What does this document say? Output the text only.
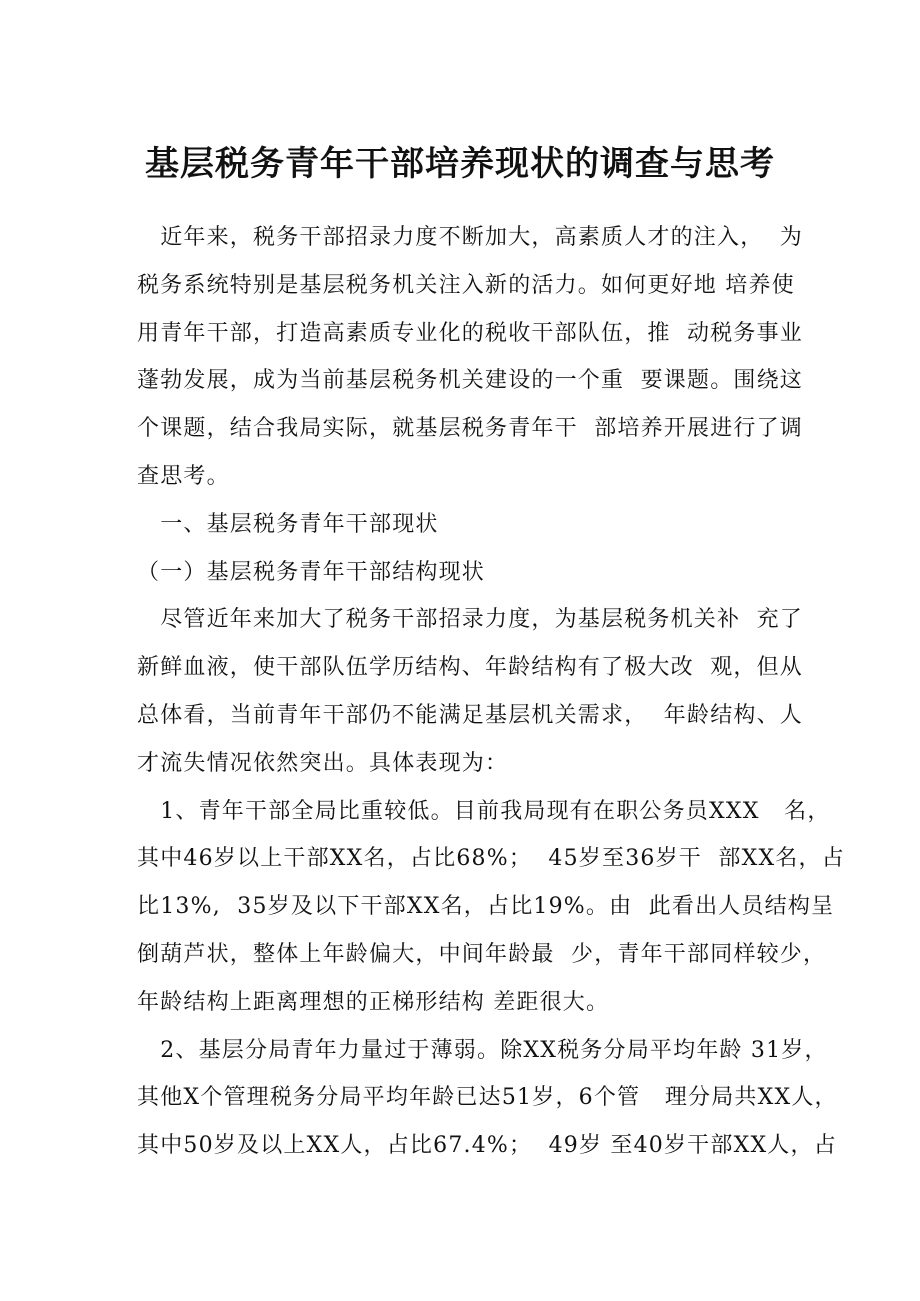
基层税务青年干部培养现状的调查与思考
　近年来，税务干部招录力度不断加大，高素质人才的注入，  为
税务系统特别是基层税务机关注入新的活力。如何更好地 培养使
用青年干部，打造高素质专业化的税收干部队伍，推  动税务事业
蓬勃发展，成为当前基层税务机关建设的一个重  要课题。围绕这
个课题，结合我局实际，就基层税务青年干  部培养开展进行了调
查思考。
　一、基层税务青年干部现状
（一）基层税务青年干部结构现状
　尽管近年来加大了税务干部招录力度，为基层税务机关补  充了
新鲜血液，使干部队伍学历结构、年龄结构有了极大改  观，但从
总体看，当前青年干部仍不能满足基层机关需求，  年龄结构、人
才流失情况依然突出。具体表现为：
　1、青年干部全局比重较低。目前我局现有在职公务员XXX   名，
其中46岁以上干部XX名，占比68%；  45岁至36岁干  部XX名，占
比13%,  35岁及以下干部XX名，占比19%。由  此看出人员结构呈
倒葫芦状，整体上年龄偏大，中间年龄最  少，青年干部同样较少，
年龄结构上距离理想的正梯形结构 差距很大。
　2、基层分局青年力量过于薄弱。除XX税务分局平均年龄 31岁，
其他X个管理税务分局平均年龄已达51岁，6个管   理分局共XX人，
其中50岁及以上XX人，占比67.4%；  49岁 至40岁干部XX人，占
